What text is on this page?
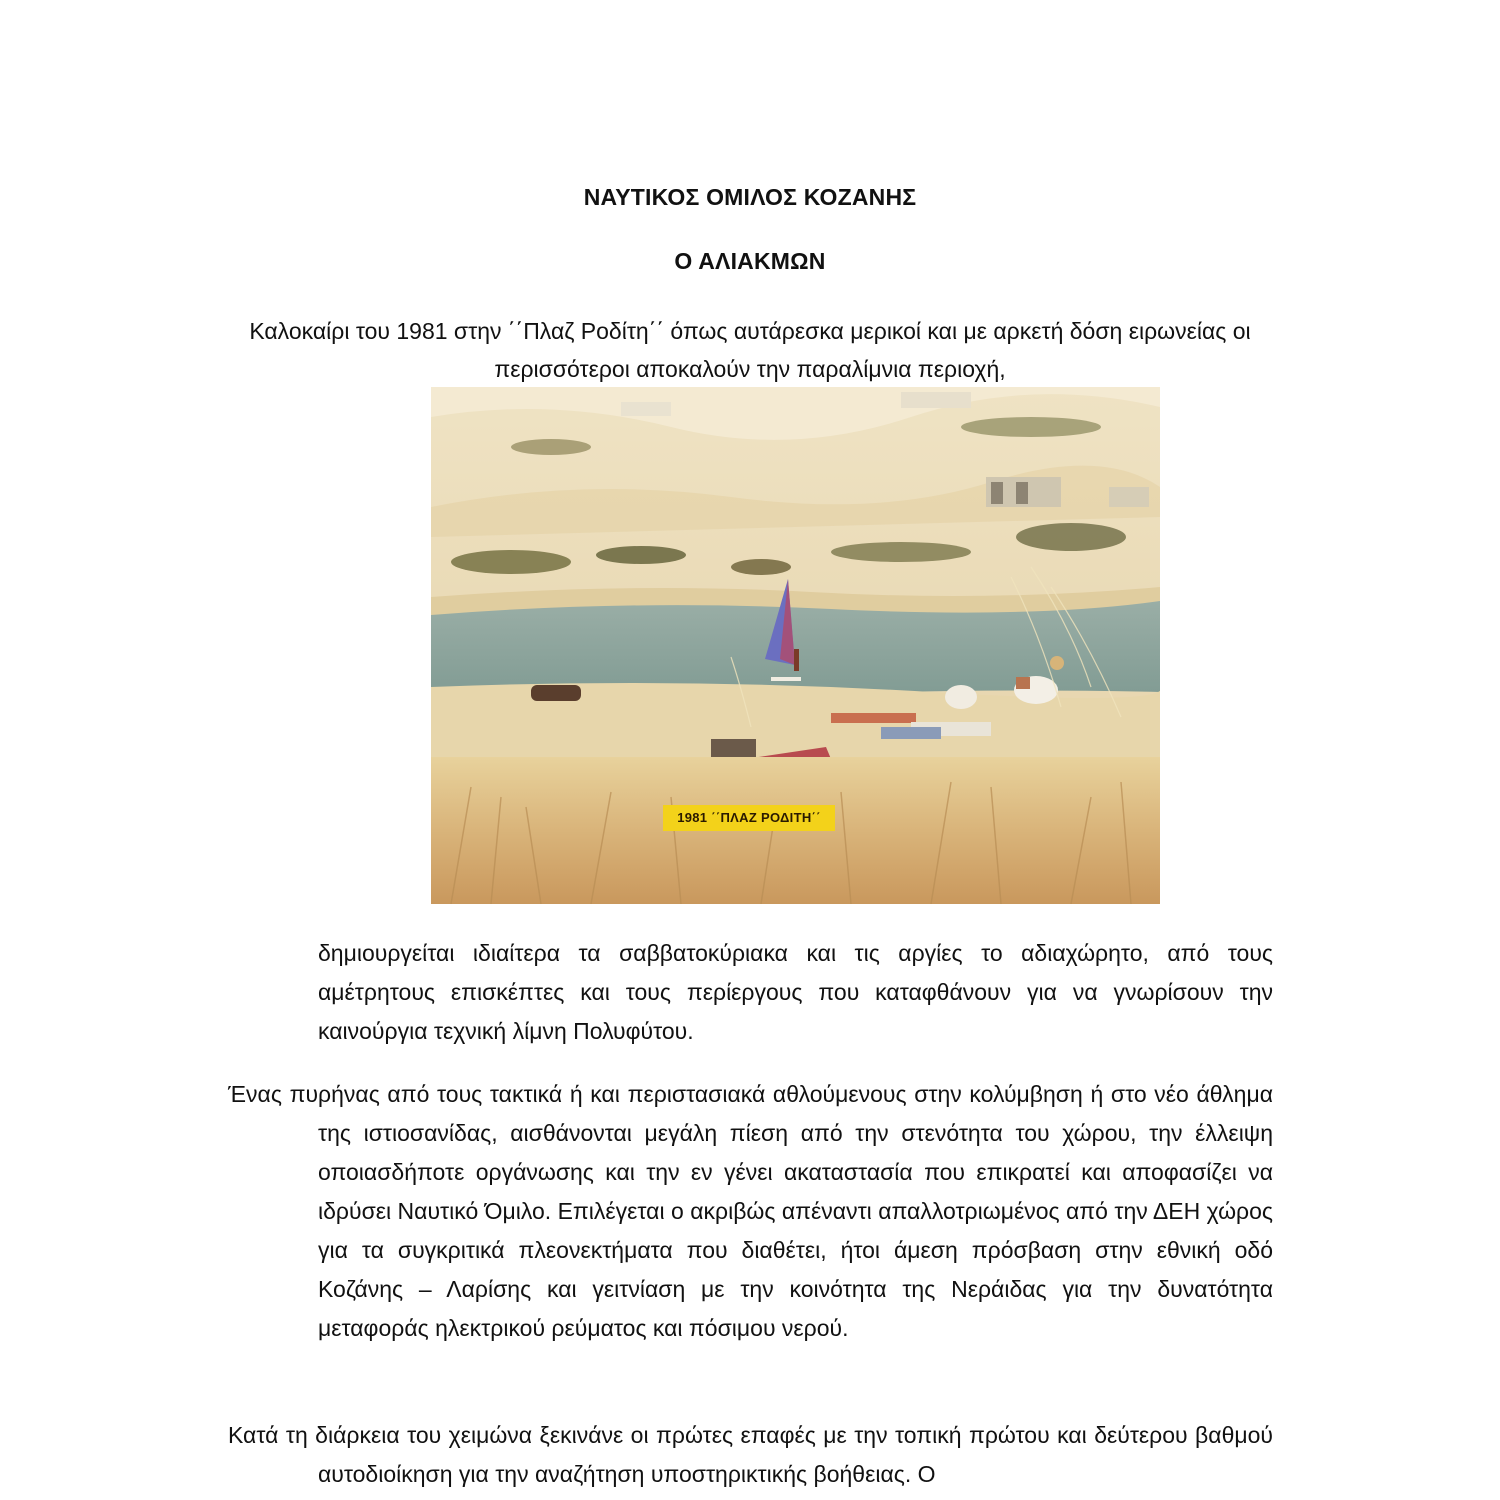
ΝΑΥΤΙΚΟΣ ΟΜΙΛΟΣ ΚΟΖΑΝΗΣ
Ο ΑΛΙΑΚΜΩΝ
Καλοκαίρι του 1981 στην ΄΄Πλαζ Ροδίτη΄΄ όπως αυτάρεσκα μερικοί και με αρκετή δόση ειρωνείας οι περισσότεροι αποκαλούν την παραλίμνια περιοχή,
1981 ΄΄ΠΛΑΖ ΡΟΔΙΤΗ΄΄
δημιουργείται ιδιαίτερα τα σαββατοκύριακα και τις αργίες το αδιαχώρητο, από τους αμέτρητους επισκέπτες και τους περίεργους που καταφθάνουν για να γνωρίσουν την καινούργια τεχνική λίμνη Πολυφύτου.
Ένας πυρήνας από τους τακτικά ή και περιστασιακά αθλούμενους στην κολύμβηση ή στο νέο άθλημα της ιστιοσανίδας, αισθάνονται μεγάλη πίεση από την στενότητα του χώρου, την έλλειψη οποιασδήποτε οργάνωσης και την εν γένει ακαταστασία που επικρατεί και αποφασίζει να ιδρύσει Ναυτικό Όμιλο. Επιλέγεται ο ακριβώς απέναντι απαλλοτριωμένος από την ΔΕΗ χώρος για τα συγκριτικά πλεονεκτήματα που διαθέτει, ήτοι άμεση πρόσβαση στην εθνική οδό Κοζάνης – Λαρίσης και γειτνίαση με την κοινότητα της Νεράιδας για την δυνατότητα μεταφοράς ηλεκτρικού ρεύματος και πόσιμου νερού.
Κατά τη διάρκεια του χειμώνα ξεκινάνε οι πρώτες επαφές με την τοπική πρώτου και δεύτερου βαθμού αυτοδιοίκηση για την αναζήτηση υποστηρικτικής βοήθειας. Ο
